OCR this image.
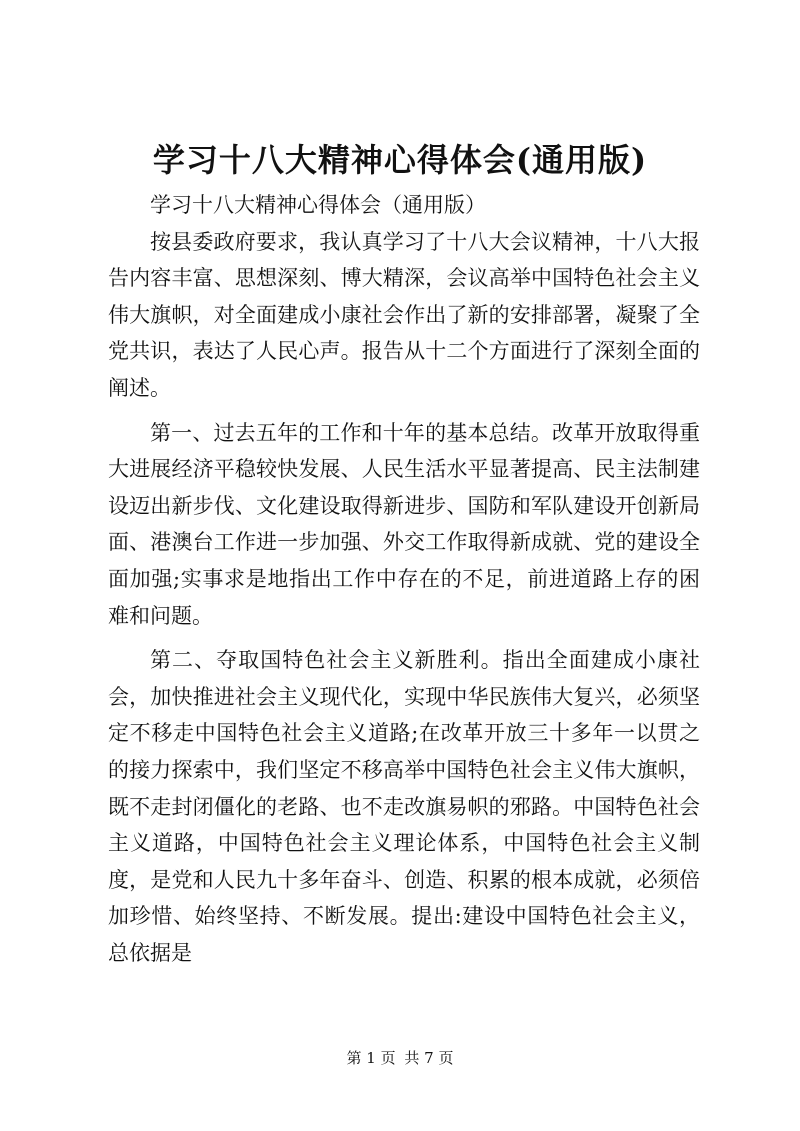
学习十八大精神心得体会(通用版)

学习十八大精神心得体会（通用版）

按县委政府要求，我认真学习了十八大会议精神，十八大报告内容丰富、思想深刻、博大精深，会议高举中国特色社会主义伟大旗帜，对全面建成小康社会作出了新的安排部署，凝聚了全党共识，表达了人民心声。报告从十二个方面进行了深刻全面的阐述。

第一、过去五年的工作和十年的基本总结。改革开放取得重大进展经济平稳较快发展、人民生活水平显著提高、民主法制建设迈出新步伐、文化建设取得新进步、国防和军队建设开创新局面、港澳台工作进一步加强、外交工作取得新成就、党的建设全面加强;实事求是地指出工作中存在的不足，前进道路上存的困难和问题。

第二、夺取国特色社会主义新胜利。指出全面建成小康社会，加快推进社会主义现代化，实现中华民族伟大复兴，必须坚定不移走中国特色社会主义道路;在改革开放三十多年一以贯之的接力探索中，我们坚定不移高举中国特色社会主义伟大旗帜，既不走封闭僵化的老路、也不走改旗易帜的邪路。中国特色社会主义道路，中国特色社会主义理论体系，中国特色社会主义制度，是党和人民九十多年奋斗、创造、积累的根本成就，必须倍加珍惜、始终坚持、不断发展。提出:建设中国特色社会主义，总依据是

第 1 页 共 7 页
